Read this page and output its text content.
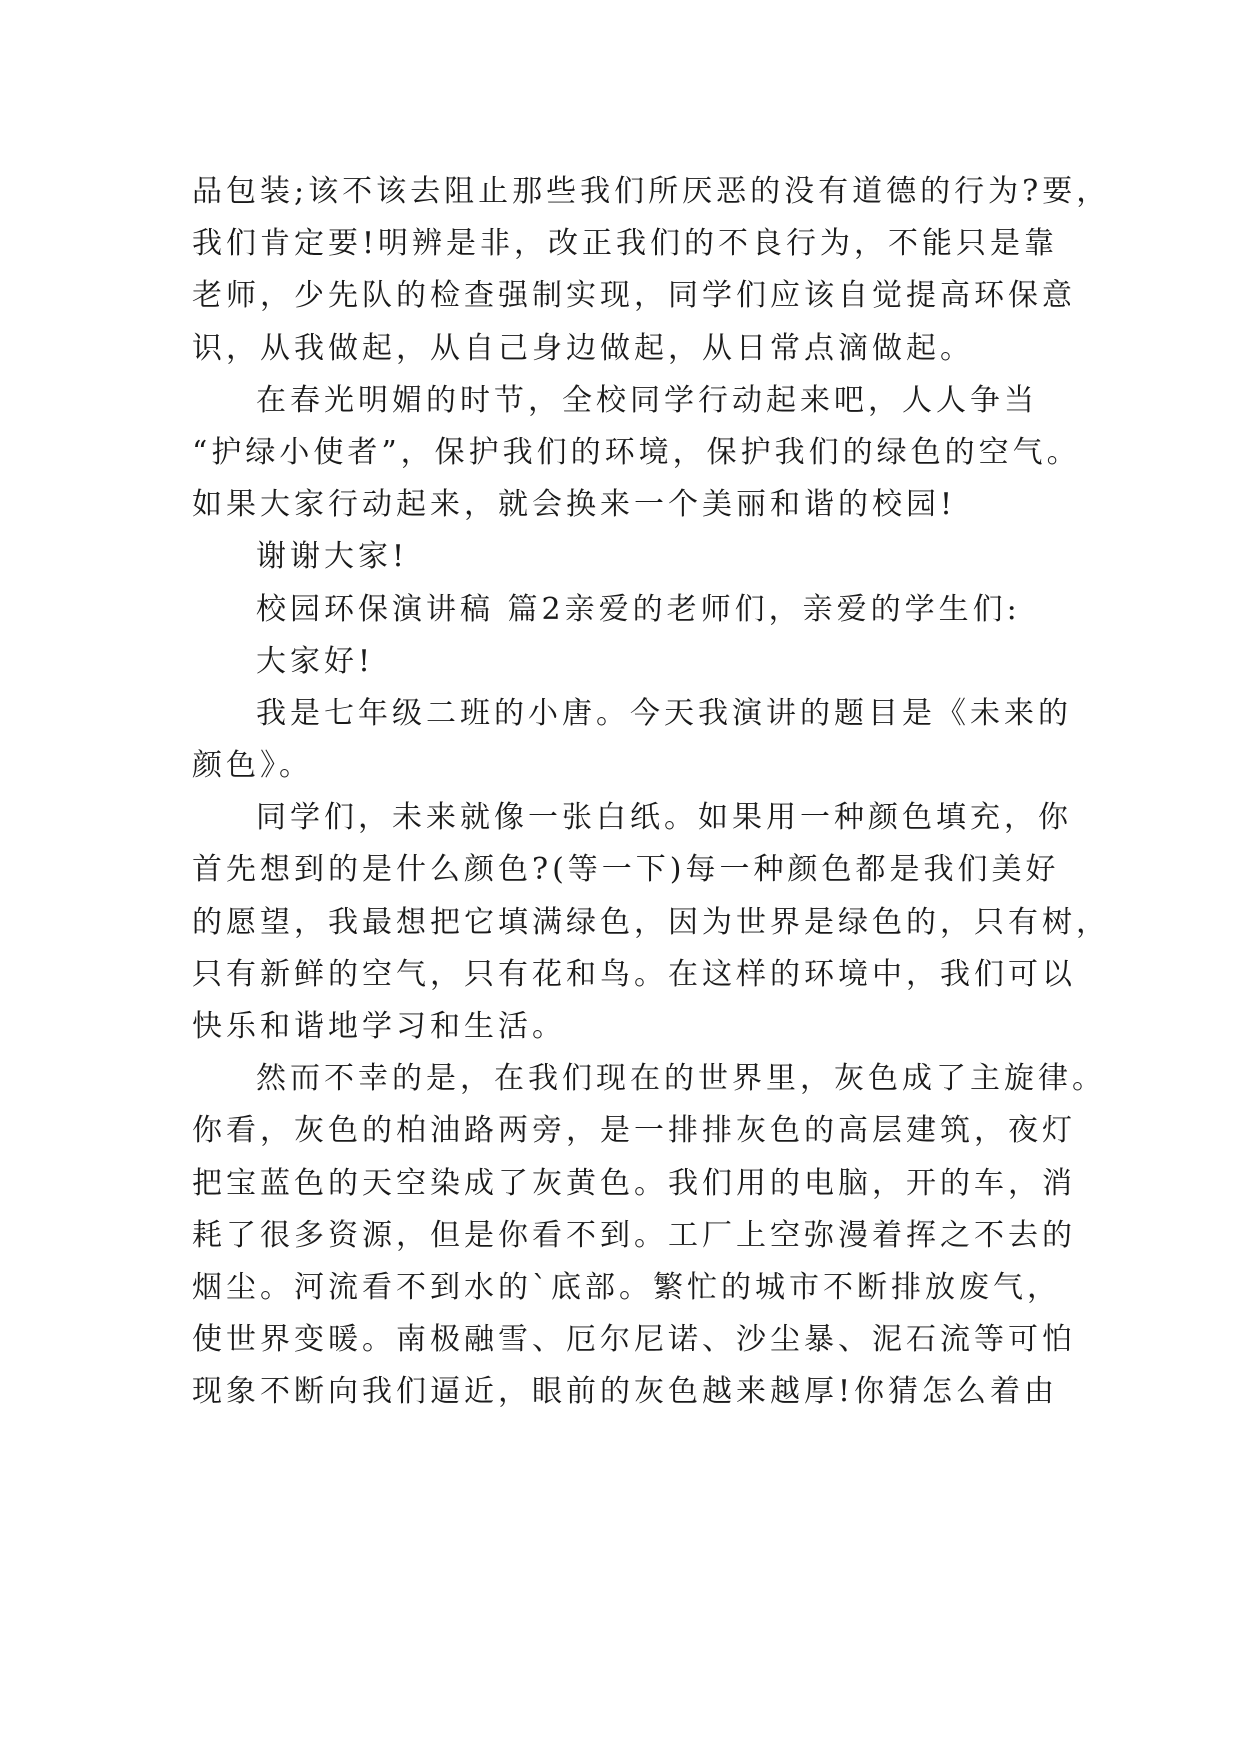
品包装;该不该去阻止那些我们所厌恶的没有道德的行为?要，
我们肯定要!明辨是非，改正我们的不良行为，不能只是靠
老师，少先队的检查强制实现，同学们应该自觉提高环保意
识，从我做起，从自己身边做起，从日常点滴做起。
在春光明媚的时节，全校同学行动起来吧，人人争当
“护绿小使者”，保护我们的环境，保护我们的绿色的空气。
如果大家行动起来，就会换来一个美丽和谐的校园!
谢谢大家!
校园环保演讲稿 篇2亲爱的老师们，亲爱的学生们:
大家好!
我是七年级二班的小唐。今天我演讲的题目是《未来的
颜色》。
同学们，未来就像一张白纸。如果用一种颜色填充，你
首先想到的是什么颜色?(等一下)每一种颜色都是我们美好
的愿望，我最想把它填满绿色，因为世界是绿色的，只有树，
只有新鲜的空气，只有花和鸟。在这样的环境中，我们可以
快乐和谐地学习和生活。
然而不幸的是，在我们现在的世界里，灰色成了主旋律。
你看，灰色的柏油路两旁，是一排排灰色的高层建筑，夜灯
把宝蓝色的天空染成了灰黄色。我们用的电脑，开的车，消
耗了很多资源，但是你看不到。工厂上空弥漫着挥之不去的
烟尘。河流看不到水的`底部。繁忙的城市不断排放废气，
使世界变暖。南极融雪、厄尔尼诺、沙尘暴、泥石流等可怕
现象不断向我们逼近，眼前的灰色越来越厚!你猜怎么着由
